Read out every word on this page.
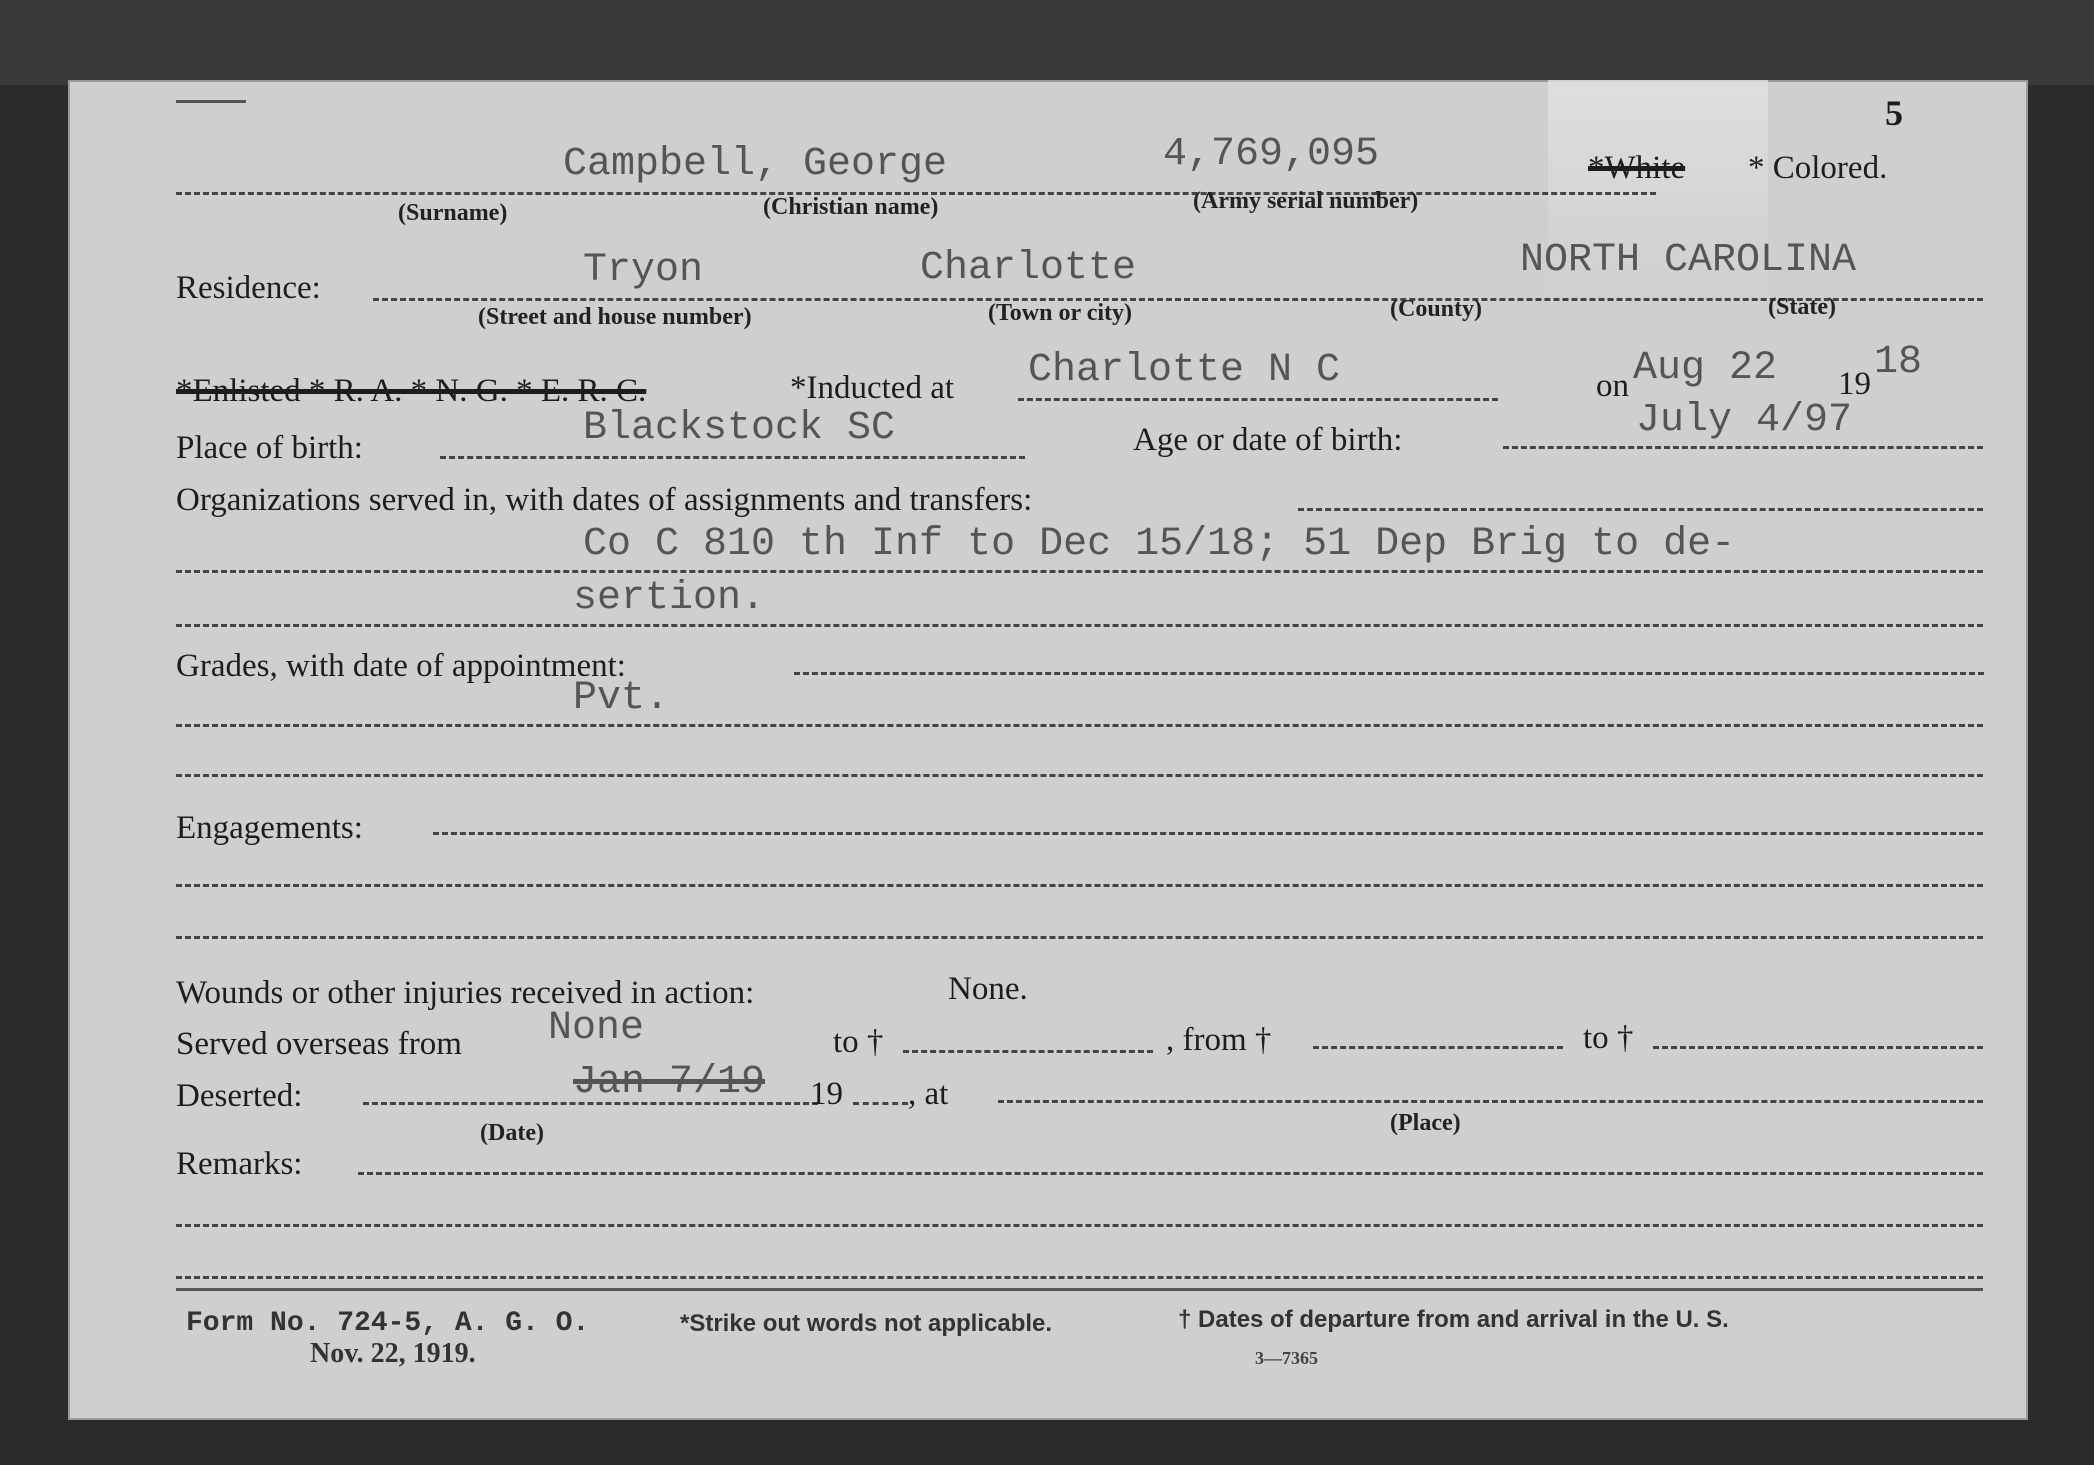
5
Campbell, George	4,769,095	*White * Colored.
(Surname)	(Christian name)	(Army serial number)
Residence:	Tryon	Charlotte	NORTH CAROLINA
(Street and house number)	(Town or city)	(County)	(State)
*Enlisted * R. A. * N. G. * E. R. C.	*Inducted at Charlotte N C	on Aug 22 19 18
Place of birth:	Blackstock SC	Age or date of birth:	July 4/97
Organizations served in, with dates of assignments and transfers:
Co C 810 th Inf to Dec 15/18; 51 Dep Brig to de-
sertion.
Grades, with date of appointment:
Pvt.
Engagements:
Wounds or other injuries received in action:	None.
Served overseas from None	to †	, from †	to †
Deserted:	Jan 7/19 19 , at
(Date)	(Place)
Remarks:
Form No. 724-5, A. G. O.
Nov. 22, 1919.
*Strike out words not applicable.	† Dates of departure from and arrival in the U. S.
3—7365
